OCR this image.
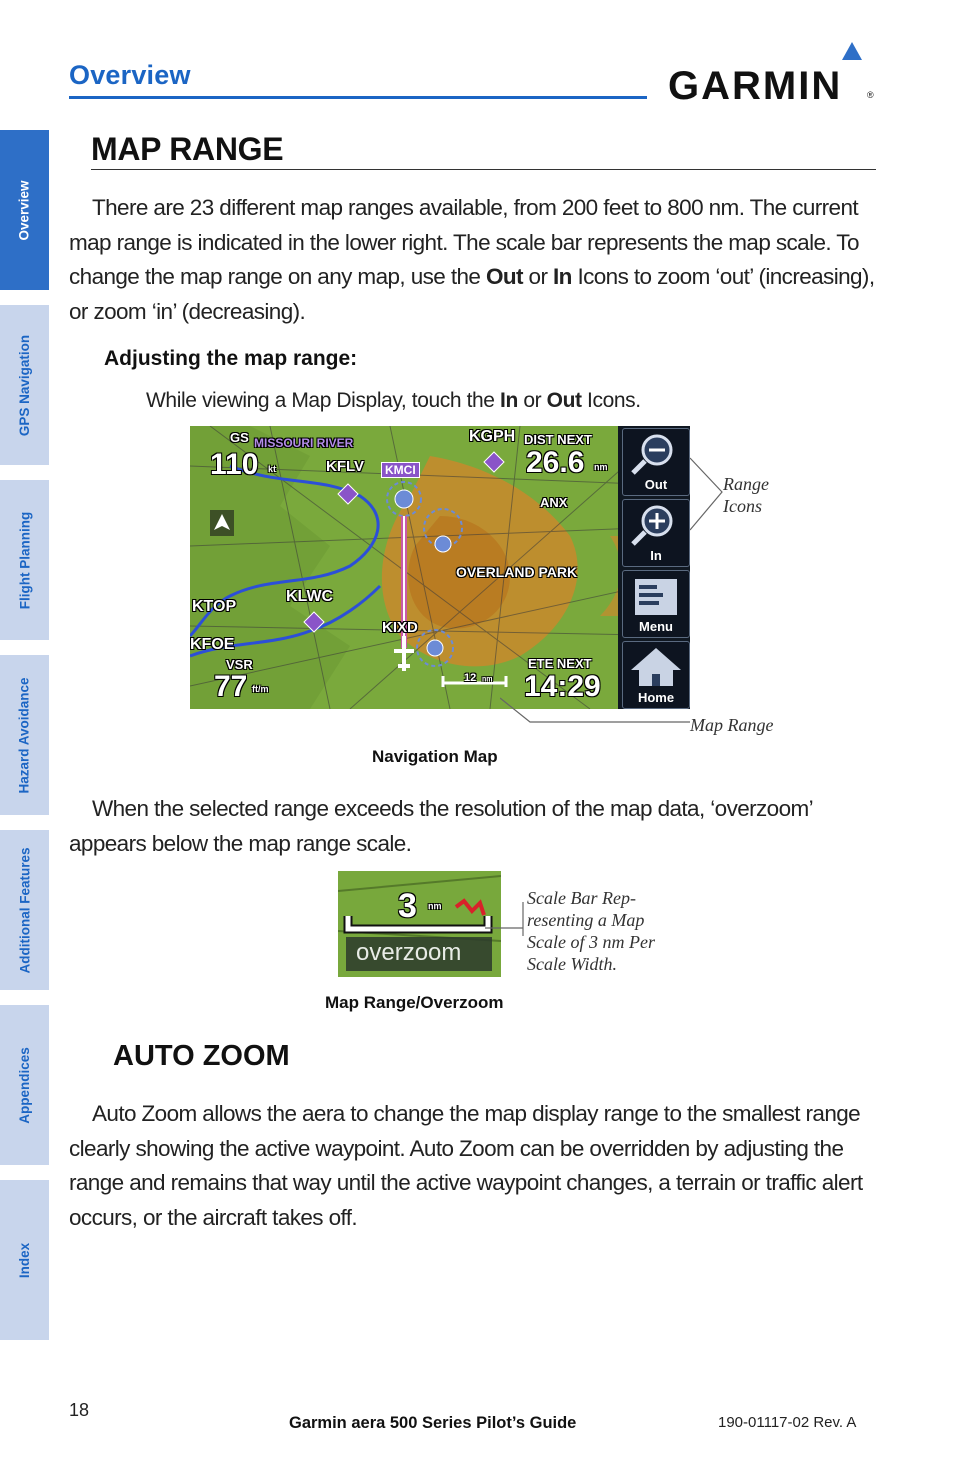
Overview	GARMIN	®
Overview
GPS Navigation
Flight Planning
Hazard Avoidance
Additional Features
Appendices
Index
MAP RANGE
There are 23 different map ranges available, from 200 feet to 800 nm. The current map range is indicated in the lower right. The scale bar represents the map scale. To change the map range on any map, use the Out or In Icons to zoom ‘out’ (increasing), or zoom ‘in’ (decreasing).
Adjusting the map range:
While viewing a Map Display, touch the In or Out Icons.
GS MISSOURI RIVER
110 kt
KGPH
KFLV	KMCI
DIST NEXT
26.6 nm
ANX
OVERLAND PARK
KTOP
KLWC
KIXD
KFOE
VSR
77 ft/m
12 nm
ETE NEXT
14:29
Out
In
Menu
Home
Range Icons
Map Range
Navigation Map
When the selected range exceeds the resolution of the map data, ‘overzoom’ appears below the map range scale.
3 nm
overzoom
Scale Bar Rep- resenting a Map Scale of 3 nm Per Scale Width.
Map Range/Overzoom
AUTO ZOOM
Auto Zoom allows the aera to change the map display range to the smallest range clearly showing the active waypoint. Auto Zoom can be overridden by adjusting the range and remains that way until the active waypoint changes, a terrain or traffic alert occurs, or the aircraft takes off.
18
Garmin aera 500 Series Pilot’s Guide	190-01117-02 Rev. A
